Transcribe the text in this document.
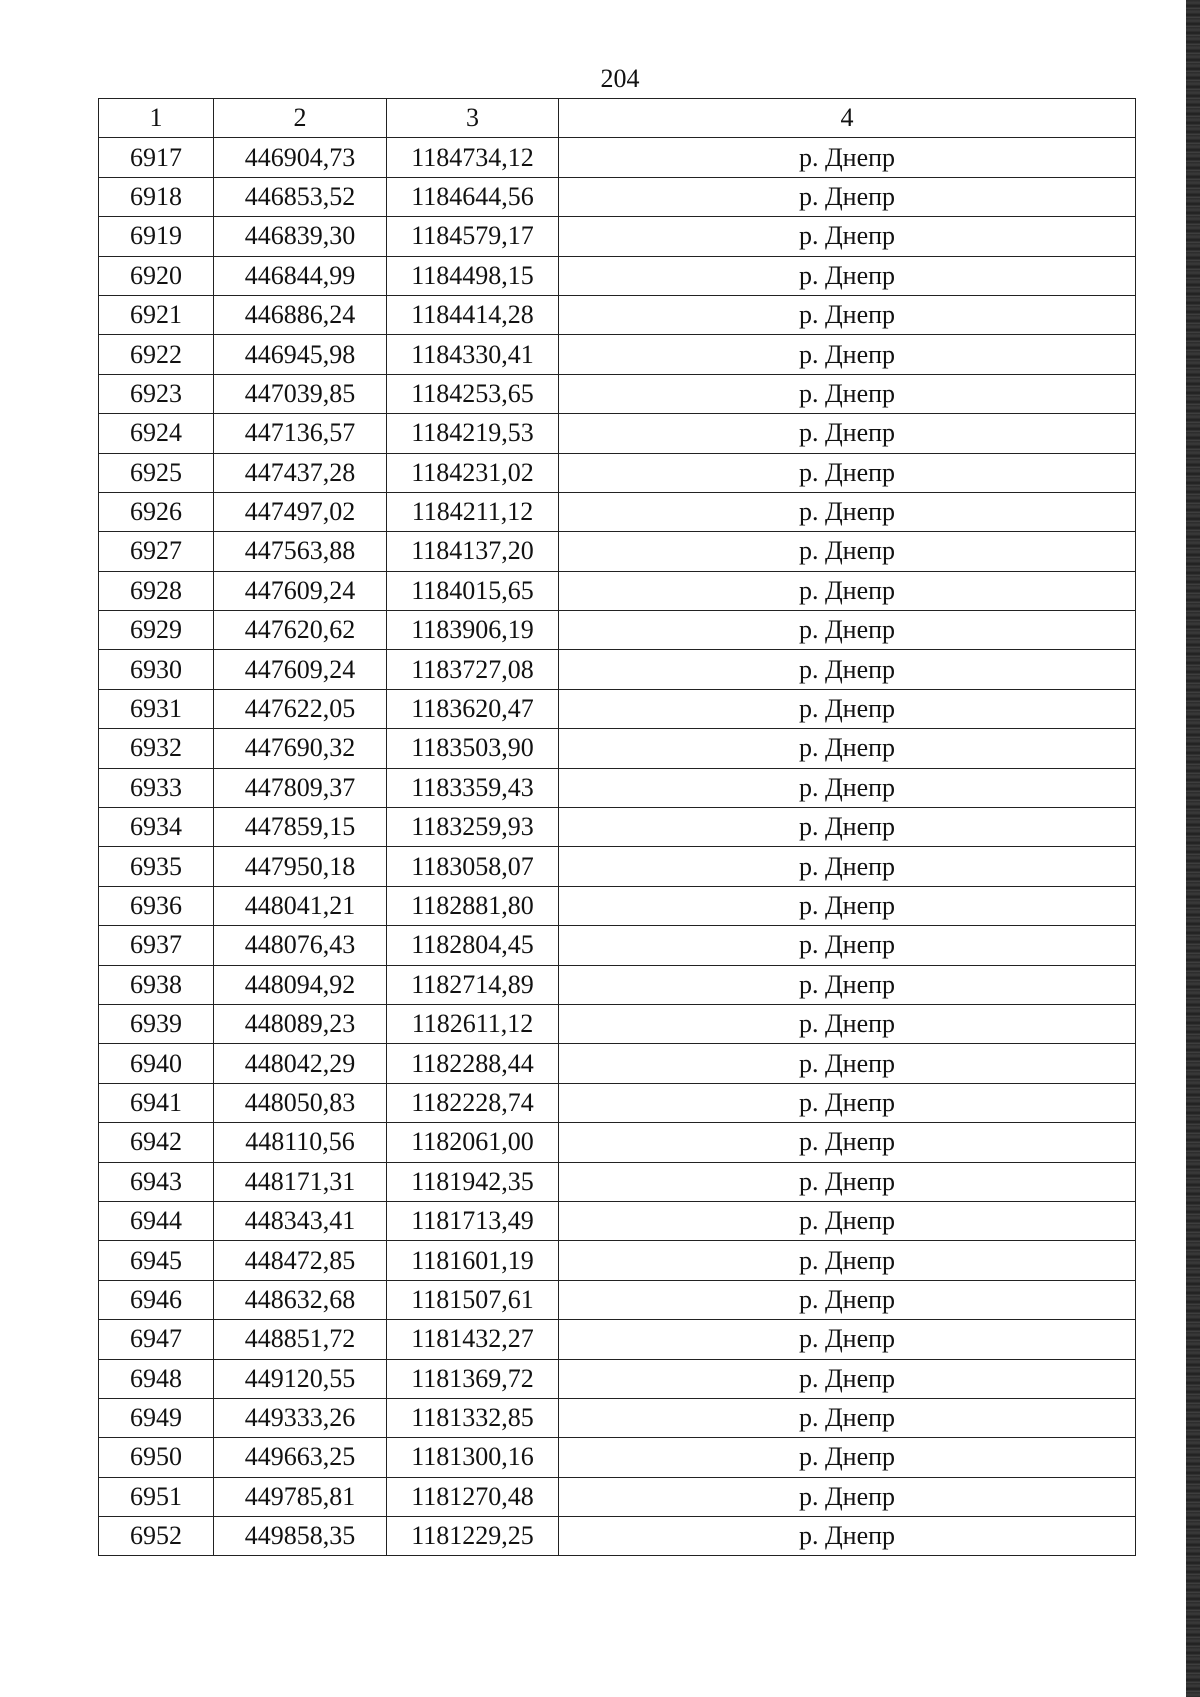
204
1	2	3	4
6917	446904,73	1184734,12	р. Днепр
6918	446853,52	1184644,56	р. Днепр
6919	446839,30	1184579,17	р. Днепр
6920	446844,99	1184498,15	р. Днепр
6921	446886,24	1184414,28	р. Днепр
6922	446945,98	1184330,41	р. Днепр
6923	447039,85	1184253,65	р. Днепр
6924	447136,57	1184219,53	р. Днепр
6925	447437,28	1184231,02	р. Днепр
6926	447497,02	1184211,12	р. Днепр
6927	447563,88	1184137,20	р. Днепр
6928	447609,24	1184015,65	р. Днепр
6929	447620,62	1183906,19	р. Днепр
6930	447609,24	1183727,08	р. Днепр
6931	447622,05	1183620,47	р. Днепр
6932	447690,32	1183503,90	р. Днепр
6933	447809,37	1183359,43	р. Днепр
6934	447859,15	1183259,93	р. Днепр
6935	447950,18	1183058,07	р. Днепр
6936	448041,21	1182881,80	р. Днепр
6937	448076,43	1182804,45	р. Днепр
6938	448094,92	1182714,89	р. Днепр
6939	448089,23	1182611,12	р. Днепр
6940	448042,29	1182288,44	р. Днепр
6941	448050,83	1182228,74	р. Днепр
6942	448110,56	1182061,00	р. Днепр
6943	448171,31	1181942,35	р. Днепр
6944	448343,41	1181713,49	р. Днепр
6945	448472,85	1181601,19	р. Днепр
6946	448632,68	1181507,61	р. Днепр
6947	448851,72	1181432,27	р. Днепр
6948	449120,55	1181369,72	р. Днепр
6949	449333,26	1181332,85	р. Днепр
6950	449663,25	1181300,16	р. Днепр
6951	449785,81	1181270,48	р. Днепр
6952	449858,35	1181229,25	р. Днепр
